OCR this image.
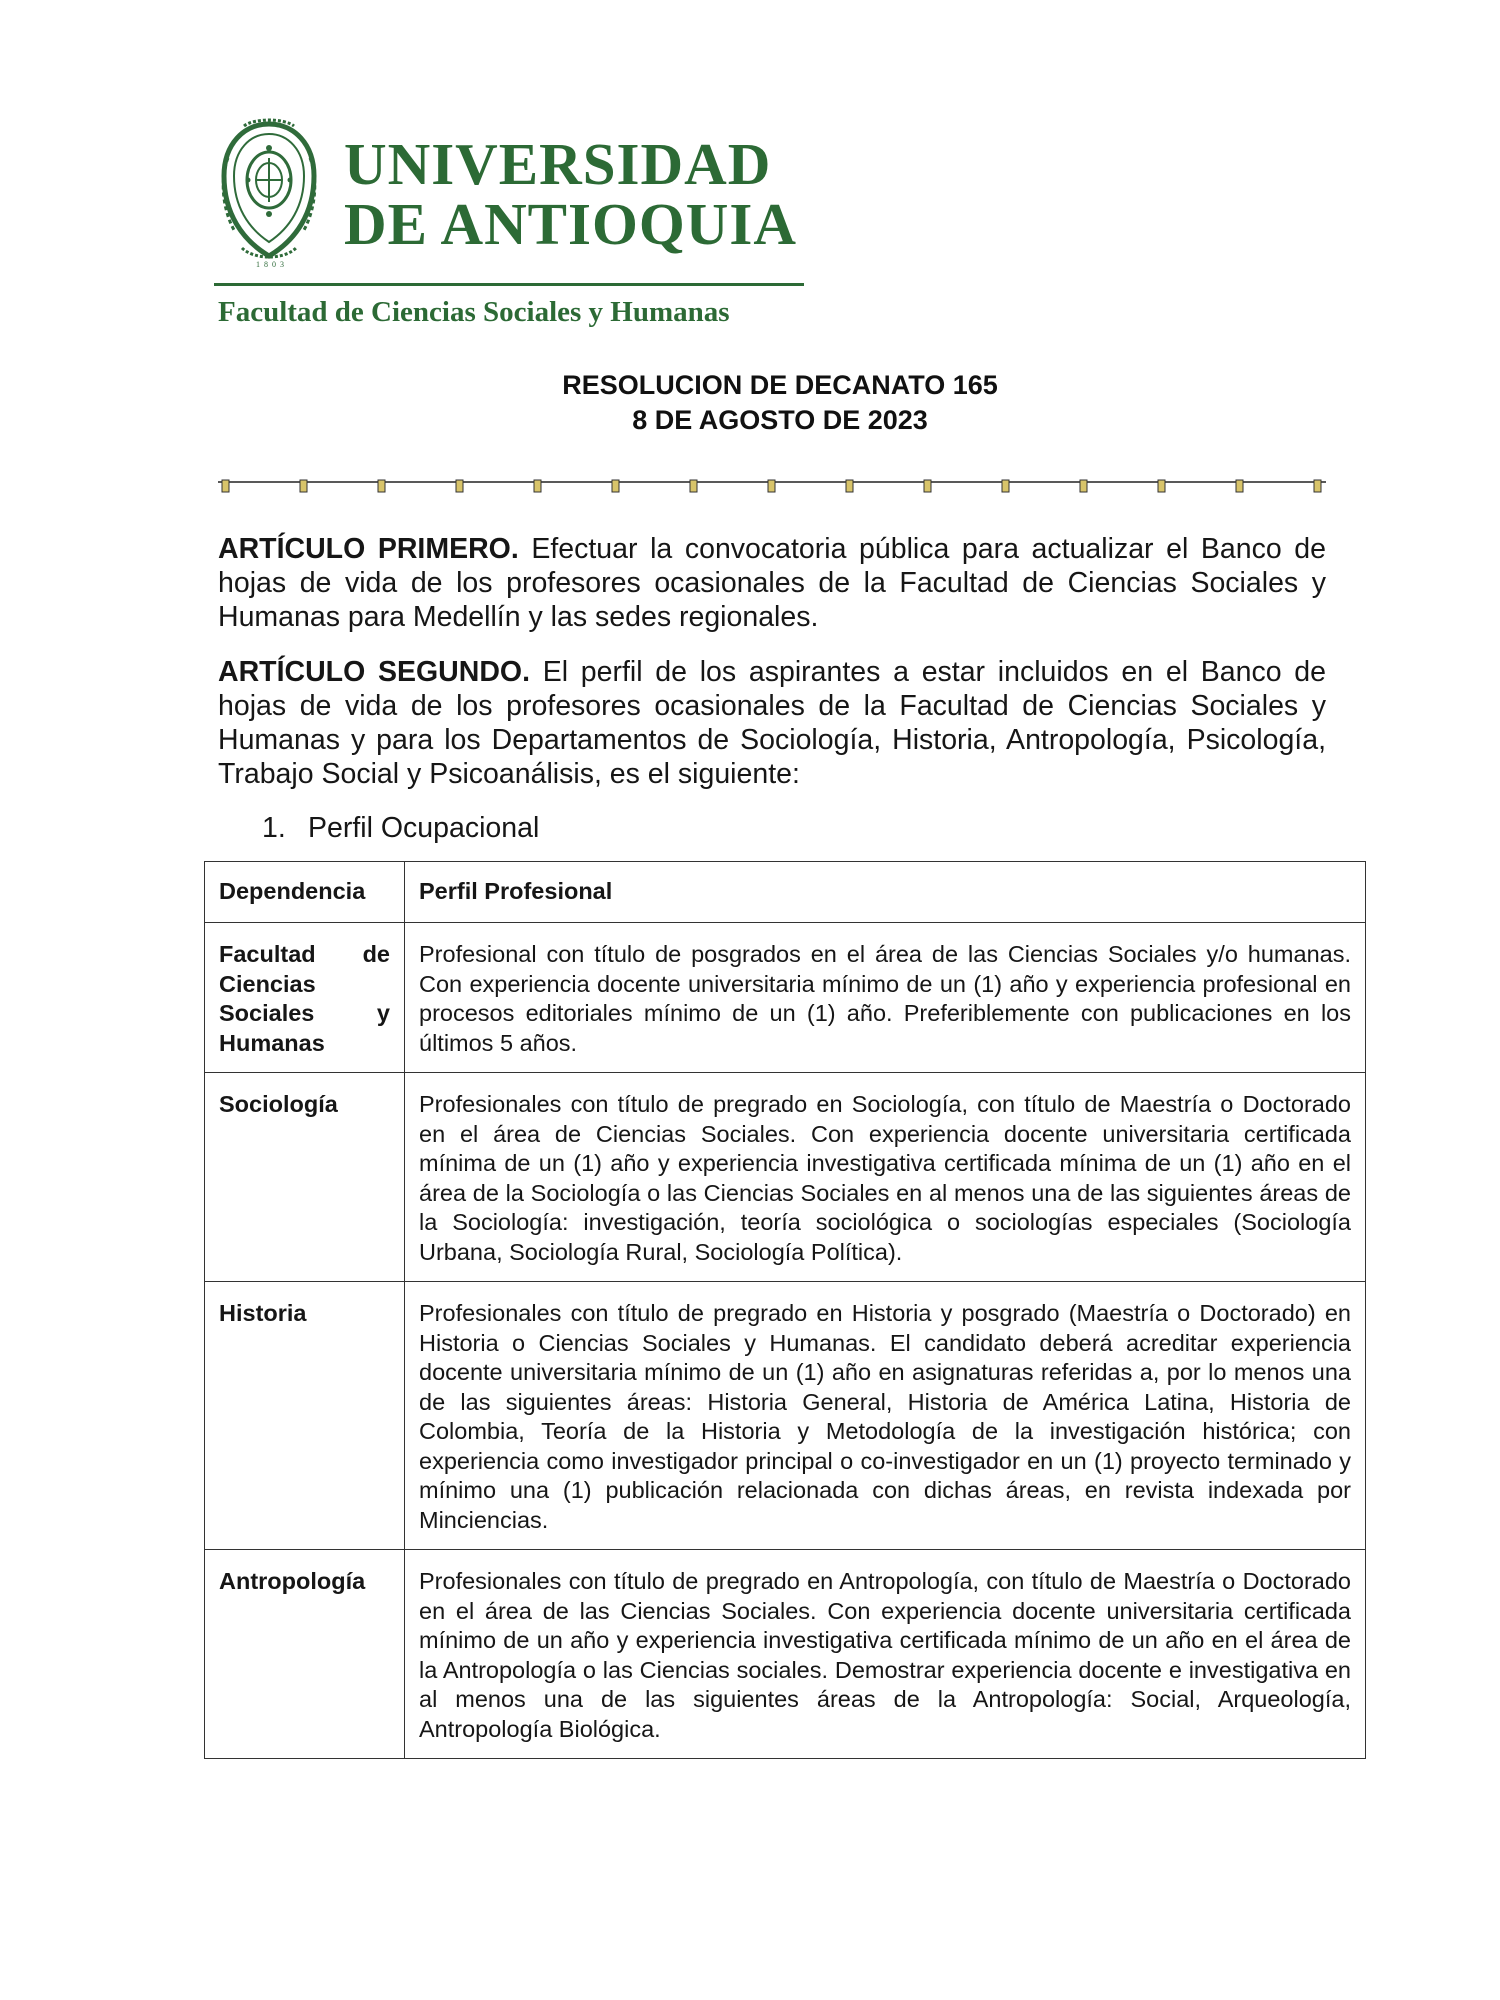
1803
UNIVERSIDAD
DE ANTIOQUIA
Facultad de Ciencias Sociales y Humanas
RESOLUCION DE DECANATO 165
8 DE AGOSTO DE 2023
ARTÍCULO PRIMERO. Efectuar la convocatoria pública para actualizar el Banco de hojas de vida de los profesores ocasionales de la Facultad de Ciencias Sociales y Humanas para Medellín y las sedes regionales.
ARTÍCULO SEGUNDO. El perfil de los aspirantes a estar incluidos en el Banco de hojas de vida de los profesores ocasionales de la Facultad de Ciencias Sociales y Humanas y para los Departamentos de Sociología, Historia, Antropología, Psicología, Trabajo Social y Psicoanálisis, es el siguiente:
1. Perfil Ocupacional
Dependencia	Perfil Profesional
Facultad de Ciencias Sociales y Humanas	Profesional con título de posgrados en el área de las Ciencias Sociales y/o humanas. Con experiencia docente universitaria mínimo de un (1) año y experiencia profesional en procesos editoriales mínimo de un (1) año. Preferiblemente con publicaciones en los últimos 5 años.
Sociología	Profesionales con título de pregrado en Sociología, con título de Maestría o Doctorado en el área de Ciencias Sociales. Con experiencia docente universitaria certificada mínima de un (1) año y experiencia investigativa certificada mínima de un (1) año en el área de la Sociología o las Ciencias Sociales en al menos una de las siguientes áreas de la Sociología: investigación, teoría sociológica o sociologías especiales (Sociología Urbana, Sociología Rural, Sociología Política).
Historia	Profesionales con título de pregrado en Historia y posgrado (Maestría o Doctorado) en Historia o Ciencias Sociales y Humanas. El candidato deberá acreditar experiencia docente universitaria mínimo de un (1) año en asignaturas referidas a, por lo menos una de las siguientes áreas: Historia General, Historia de América Latina, Historia de Colombia, Teoría de la Historia y Metodología de la investigación histórica; con experiencia como investigador principal o co-investigador en un (1) proyecto terminado y mínimo una (1) publicación relacionada con dichas áreas, en revista indexada por Minciencias.
Antropología	Profesionales con título de pregrado en Antropología, con título de Maestría o Doctorado en el área de las Ciencias Sociales. Con experiencia docente universitaria certificada mínimo de un año y experiencia investigativa certificada mínimo de un año en el área de la Antropología o las Ciencias sociales. Demostrar experiencia docente e investigativa en al menos una de las siguientes áreas de la Antropología: Social, Arqueología, Antropología Biológica.
